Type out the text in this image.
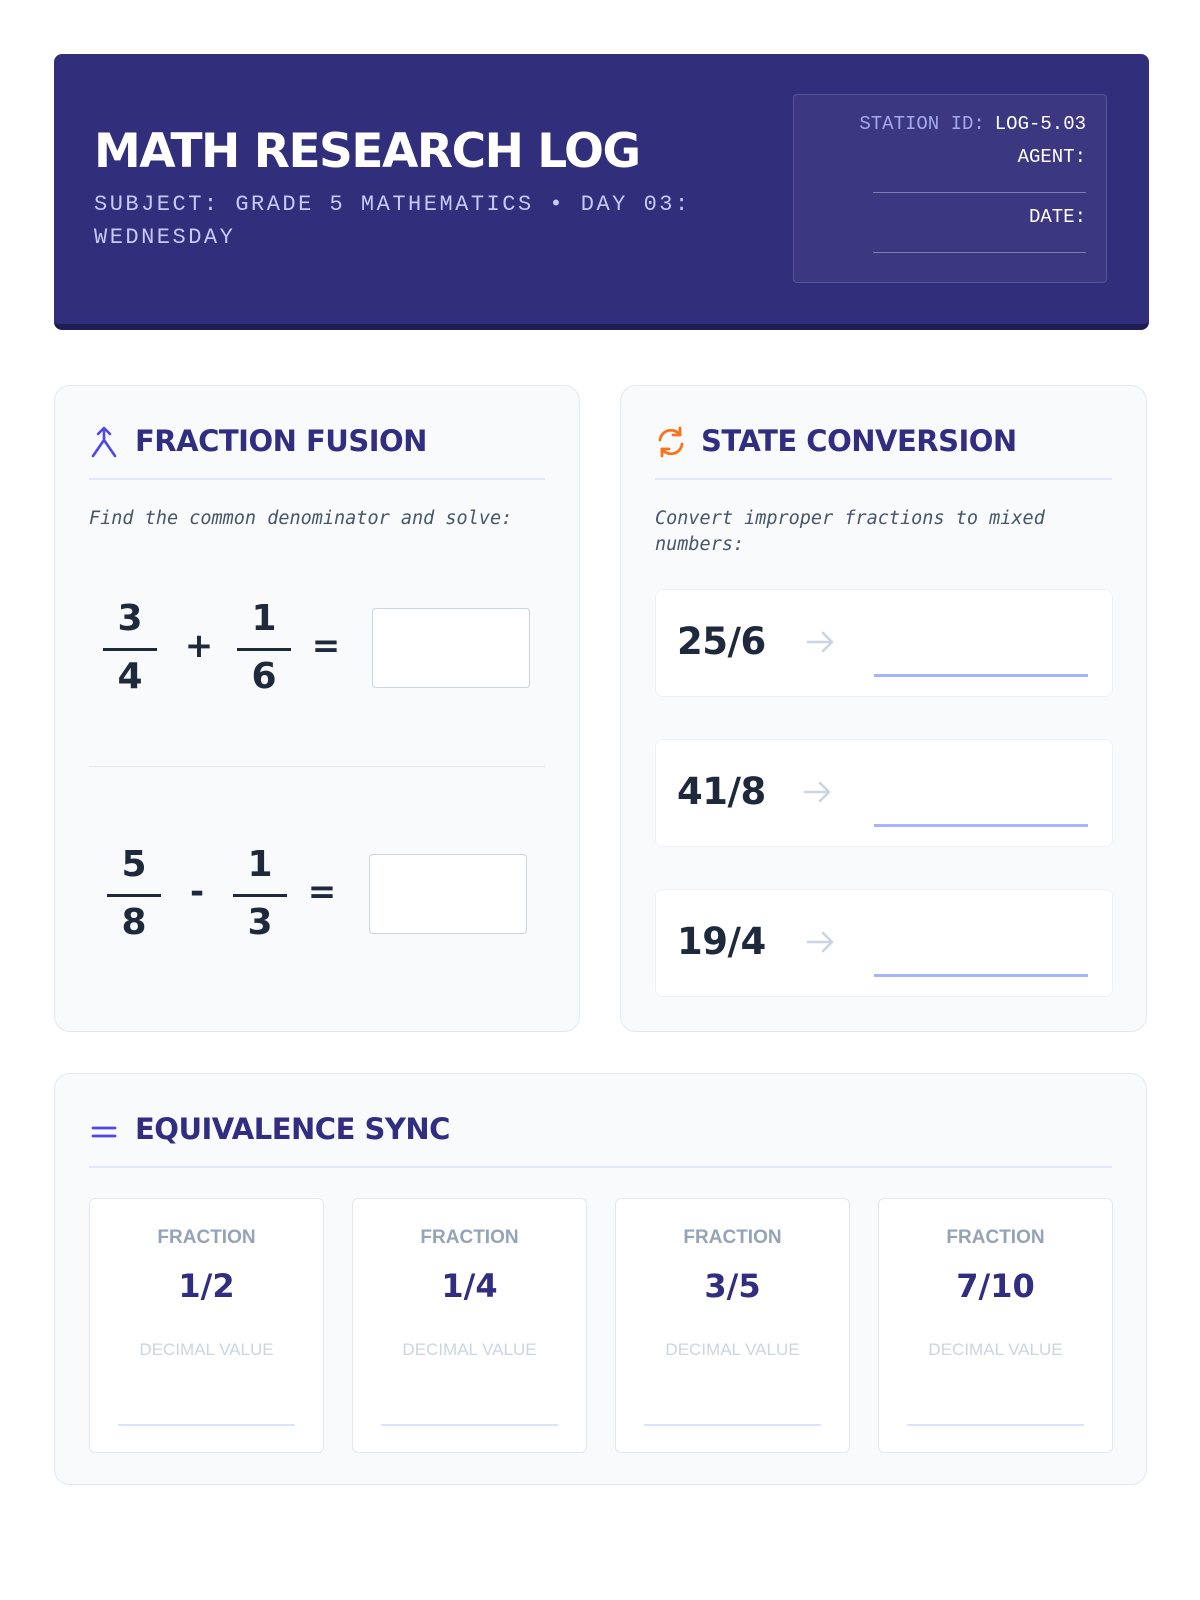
MATH RESEARCH LOG
SUBJECT: GRADE 5 MATHEMATICS • DAY 03: WEDNESDAY
STATION ID: LOG-5.03
AGENT:
DATE:
FRACTION FUSION
Find the common denominator and solve:
3
4
+
1
6
=
5
8
-
1
3
=
STATE CONVERSION
Convert improper fractions to mixed numbers:
25/6
41/8
19/4
EQUIVALENCE SYNC
FRACTION
1/2
DECIMAL VALUE
FRACTION
1/4
DECIMAL VALUE
FRACTION
3/5
DECIMAL VALUE
FRACTION
7/10
DECIMAL VALUE
